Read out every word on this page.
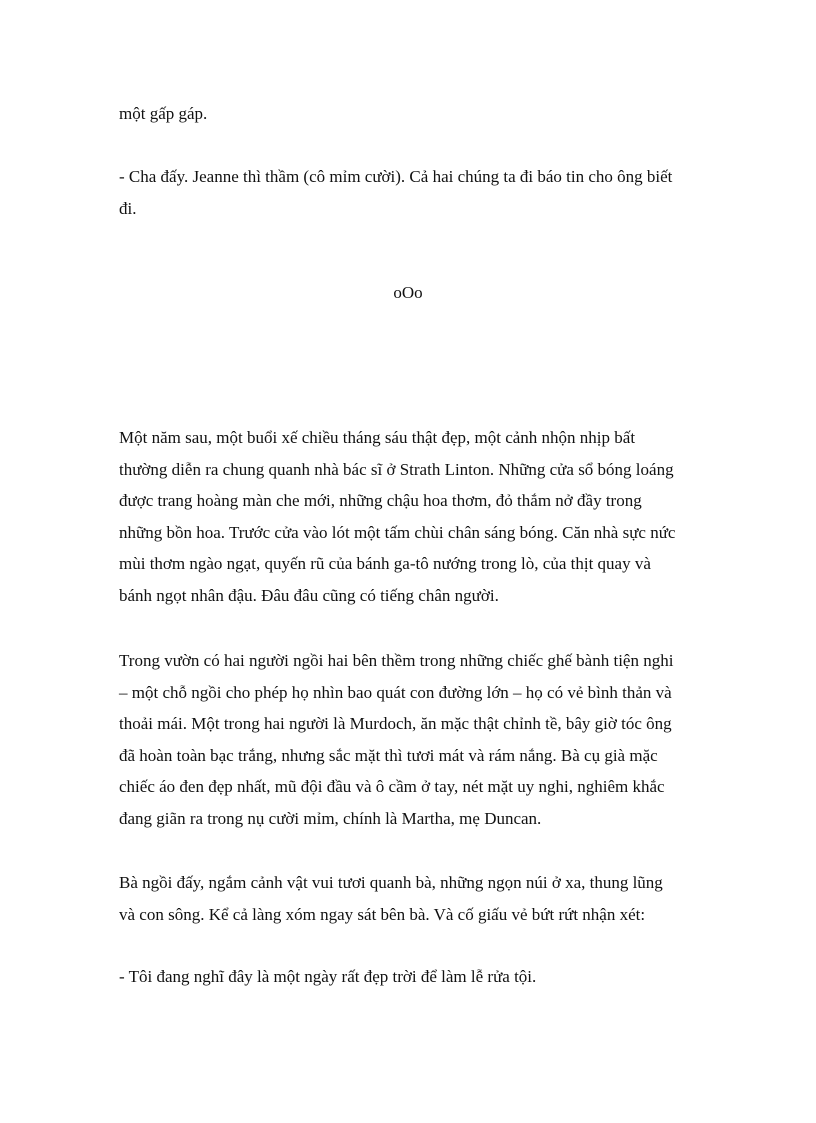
một gấp gáp.

- Cha đấy. Jeanne thì thầm (cô mỉm cười). Cả hai chúng ta đi báo tin cho ông biết
đi.

oOo

Một năm sau, một buổi xế chiều tháng sáu thật đẹp, một cảnh nhộn nhịp bất
thường diễn ra chung quanh nhà bác sĩ ở Strath Linton. Những cửa sổ bóng loáng
được trang hoàng màn che mới, những chậu hoa thơm, đỏ thắm nở đầy trong
những bồn hoa. Trước cửa vào lót một tấm chùi chân sáng bóng. Căn nhà sực nức
mùi thơm ngào ngạt, quyến rũ của bánh ga-tô nướng trong lò, của thịt quay và
bánh ngọt nhân đậu. Đâu đâu cũng có tiếng chân người.

Trong vườn có hai người ngồi hai bên thềm trong những chiếc ghế bành tiện nghi
– một chỗ ngồi cho phép họ nhìn bao quát con đường lớn – họ có vẻ bình thản và
thoải mái. Một trong hai người là Murdoch, ăn mặc thật chỉnh tề, bây giờ tóc ông
đã hoàn toàn bạc trắng, nhưng sắc mặt thì tươi mát và rám nắng. Bà cụ già mặc
chiếc áo đen đẹp nhất, mũ đội đầu và ô cầm ở tay, nét mặt uy nghi, nghiêm khắc
đang giãn ra trong nụ cười mỉm, chính là Martha, mẹ Duncan.

Bà ngồi đấy, ngắm cảnh vật vui tươi quanh bà, những ngọn núi ở xa, thung lũng
và con sông. Kể cả làng xóm ngay sát bên bà. Và cố giấu vẻ bứt rứt nhận xét:

- Tôi đang nghĩ đây là một ngày rất đẹp trời để làm lễ rửa tội.
